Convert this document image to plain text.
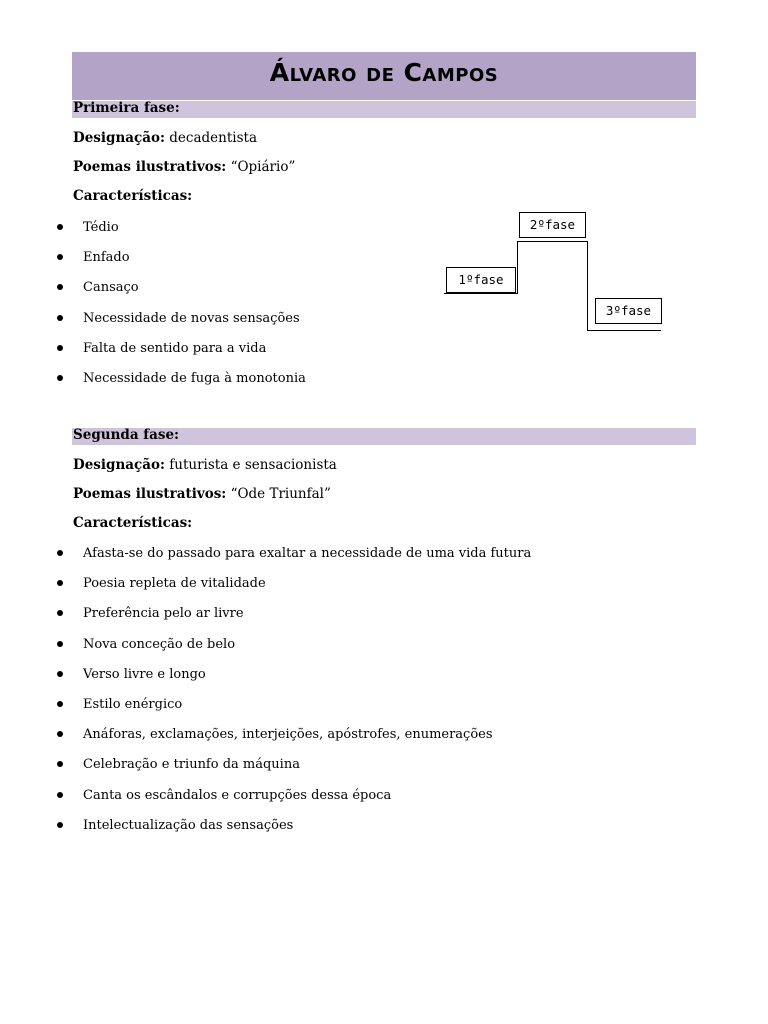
Álvaro de Campos
Primeira fase:
Designação: decadentista
Poemas ilustrativos: “Opiário”
Características:
Tédio
Enfado
Cansaço
Necessidade de novas sensações
Falta de sentido para a vida
Necessidade de fuga à monotonia
2ºfase
1ºfase
3ºfase
Segunda fase:
Designação: futurista e sensacionista
Poemas ilustrativos: “Ode Triunfal”
Características:
Afasta-se do passado para exaltar a necessidade de uma vida futura
Poesia repleta de vitalidade
Preferência pelo ar livre
Nova conceção de belo
Verso livre e longo
Estilo enérgico
Anáforas, exclamações, interjeições, apóstrofes, enumerações
Celebração e triunfo da máquina
Canta os escândalos e corrupções dessa época
Intelectualização das sensações
